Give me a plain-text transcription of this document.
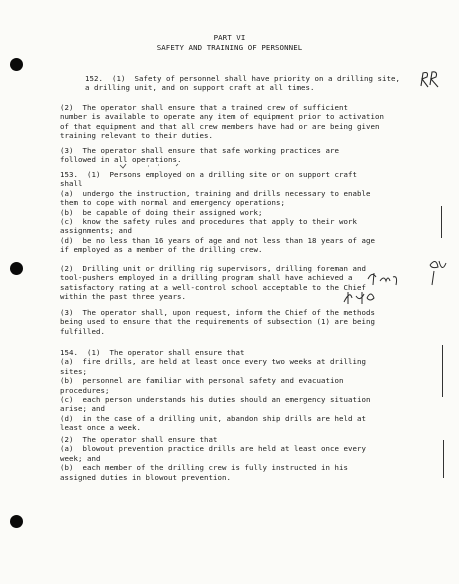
PART VI
SAFETY AND TRAINING OF PERSONNEL
152.  (1)  Safety of personnel shall have priority on a drilling site,
a drilling unit, and on support craft at all times.
(2)  The operator shall ensure that a trained crew of sufficient
number is available to operate any item of equipment prior to activation
of that equipment and that all crew members have had or are being given
training relevant to their duties.
(3)  The operator shall ensure that safe working practices are
followed in all operations.
153.  (1)  Persons employed on a drilling site or on support craft
shall
(a)  undergo the instruction, training and drills necessary to enable
them to cope with normal and emergency operations;
(b)  be capable of doing their assigned work;
(c)  know the safety rules and procedures that apply to their work
assignments; and
(d)  be no less than 16 years of age and not less than 18 years of age
if employed as a member of the drilling crew.
(2)  Drilling unit or drilling rig supervisors, drilling foreman and
tool-pushers employed in a drilling program shall have achieved a
satisfactory rating at a well-control school acceptable to the Chief
within the past three years.
(3)  The operator shall, upon request, inform the Chief of the methods
being used to ensure that the requirements of subsection (1) are being
fulfilled.
154.  (1)  The operator shall ensure that
(a)  fire drills, are held at least once every two weeks at drilling
sites;
(b)  personnel are familiar with personal safety and evacuation
procedures;
(c)  each person understands his duties should an emergency situation
arise; and
(d)  in the case of a drilling unit, abandon ship drills are held at
least once a week.
(2)  The operator shall ensure that
(a)  blowout prevention practice drills are held at least once every
week; and
(b)  each member of the drilling crew is fully instructed in his
assigned duties in blowout prevention.
